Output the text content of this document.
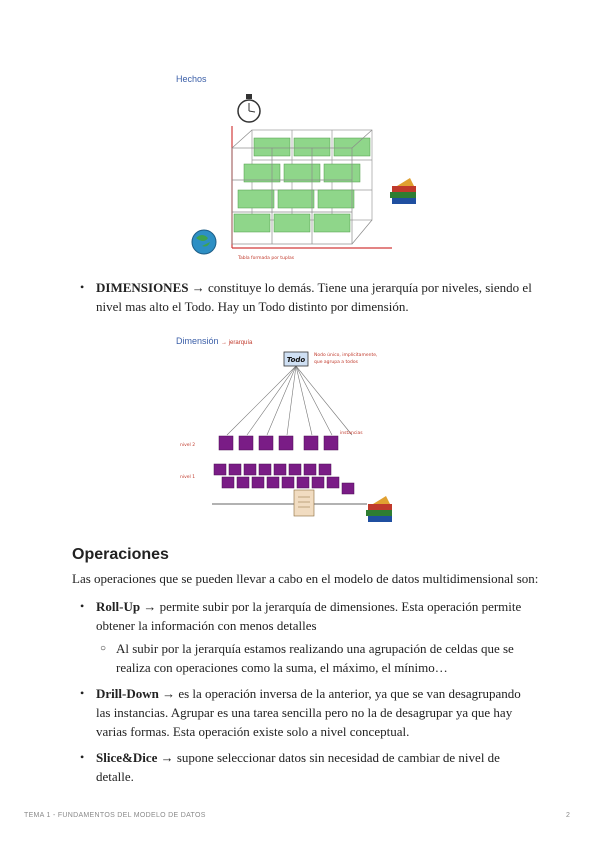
Hechos
Tabla formada por tuplas
• DIMENSIONES → constituye lo demás. Tiene una jerarquía por niveles, siendo el nivel mas alto el Todo. Hay un Todo distinto por dimensión.
Dimensión → jerarquía
Todo
Nodo único, implícitamente,
que agrupa a todos
instancias
nivel 2
nivel 1
Operaciones

Las operaciones que se pueden llevar a cabo en el modelo de datos multidimensional son:

• Roll-Up → permite subir por la jerarquía de dimensiones. Esta operación permite obtener la información con menos detalles
○ Al subir por la jerarquía estamos realizando una agrupación de celdas que se realiza con operaciones como la suma, el máximo, el mínimo…
• Drill-Down → es la operación inversa de la anterior, ya que se van desagrupando las instancias. Agrupar es una tarea sencilla pero no la de desagrupar ya que hay varias formas. Esta operación existe solo a nivel conceptual.
• Slice&Dice → supone seleccionar datos sin necesidad de cambiar de nivel de detalle.
TEMA 1 - FUNDAMENTOS DEL MODELO DE DATOS	2
